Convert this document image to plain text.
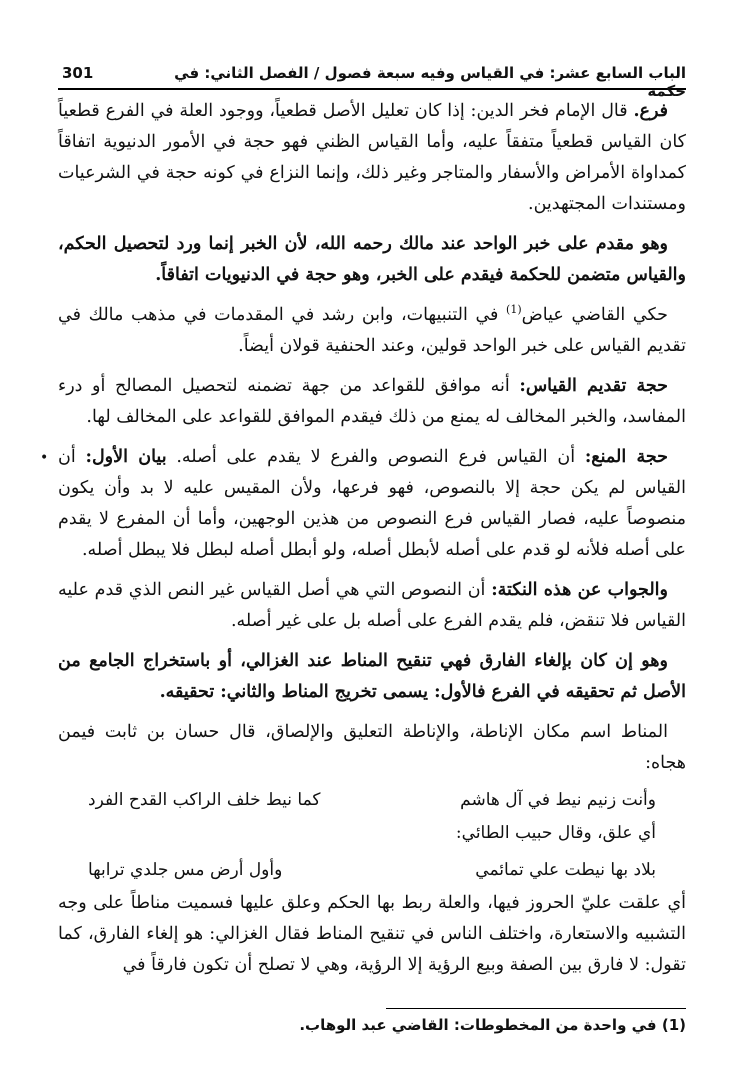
301	الباب السابع عشر: في القياس وفيه سبعة فصول / الفصل الثاني: في حكمه

فرع. قال الإمام فخر الدين: إذا كان تعليل الأصل قطعياً، ووجود العلة في الفرع قطعياً كان القياس قطعياً متفقاً عليه، وأما القياس الظني فهو حجة في الأمور الدنيوية اتفاقاً كمداواة الأمراض والأسفار والمتاجر وغير ذلك، وإنما النزاع في كونه حجة في الشرعيات ومستندات المجتهدين.

وهو مقدم على خبر الواحد عند مالك رحمه الله، لأن الخبر إنما ورد لتحصيل الحكم، والقياس متضمن للحكمة فيقدم على الخبر، وهو حجة في الدنيويات اتفاقاً.

حكي القاضي عياض$^{(1)}$ في التنبيهات، وابن رشد في المقدمات في مذهب مالك في تقديم القياس على خبر الواحد قولين، وعند الحنفية قولان أيضاً.

حجة تقديم القياس: أنه موافق للقواعد من جهة تضمنه لتحصيل المصالح أو درء المفاسد، والخبر المخالف له يمنع من ذلك فيقدم الموافق للقواعد على المخالف لها.

حجة المنع: أن القياس فرع النصوص والفرع لا يقدم على أصله. بيان الأول: أن القياس لم يكن حجة إلا بالنصوص، فهو فرعها، ولأن المقيس عليه لا بد وأن يكون منصوصاً عليه، فصار القياس فرع النصوص من هذين الوجهين، وأما أن المفرع لا يقدم على أصله فلأنه لو قدم على أصله لأبطل أصله، ولو أبطل أصله لبطل فلا يبطل أصله.

والجواب عن هذه النكتة: أن النصوص التي هي أصل القياس غير النص الذي قدم عليه القياس فلا تنقض، فلم يقدم الفرع على أصله بل على غير أصله.

وهو إن كان بإلغاء الفارق فهي تنقيح المناط عند الغزالي، أو باستخراج الجامع من الأصل ثم تحقيقه في الفرع فالأول: يسمى تخريج المناط والثاني: تحقيقه.

المناط اسم مكان الإناطة، والإناطة التعليق والإلصاق، قال حسان بن ثابت فيمن هجاه:

وأنت زنيم نيط في آل هاشم
كما نيط خلف الراكب القدح الفرد
أي علق، وقال حبيب الطائي:
بلاد بها نيطت علي تمائمي
وأول أرض مس جلدي ترابها

أي علقت عليّ الحروز فيها، والعلة ربط بها الحكم وعلق عليها فسميت مناطاً على وجه التشبيه والاستعارة، واختلف الناس في تنقيح المناط فقال الغزالي: هو إلغاء الفارق، كما تقول: لا فارق بين الصفة وبيع الرؤية إلا الرؤية، وهي لا تصلح أن تكون فارقاً في

•
(1) في واحدة من المخطوطات: القاضي عبد الوهاب.
